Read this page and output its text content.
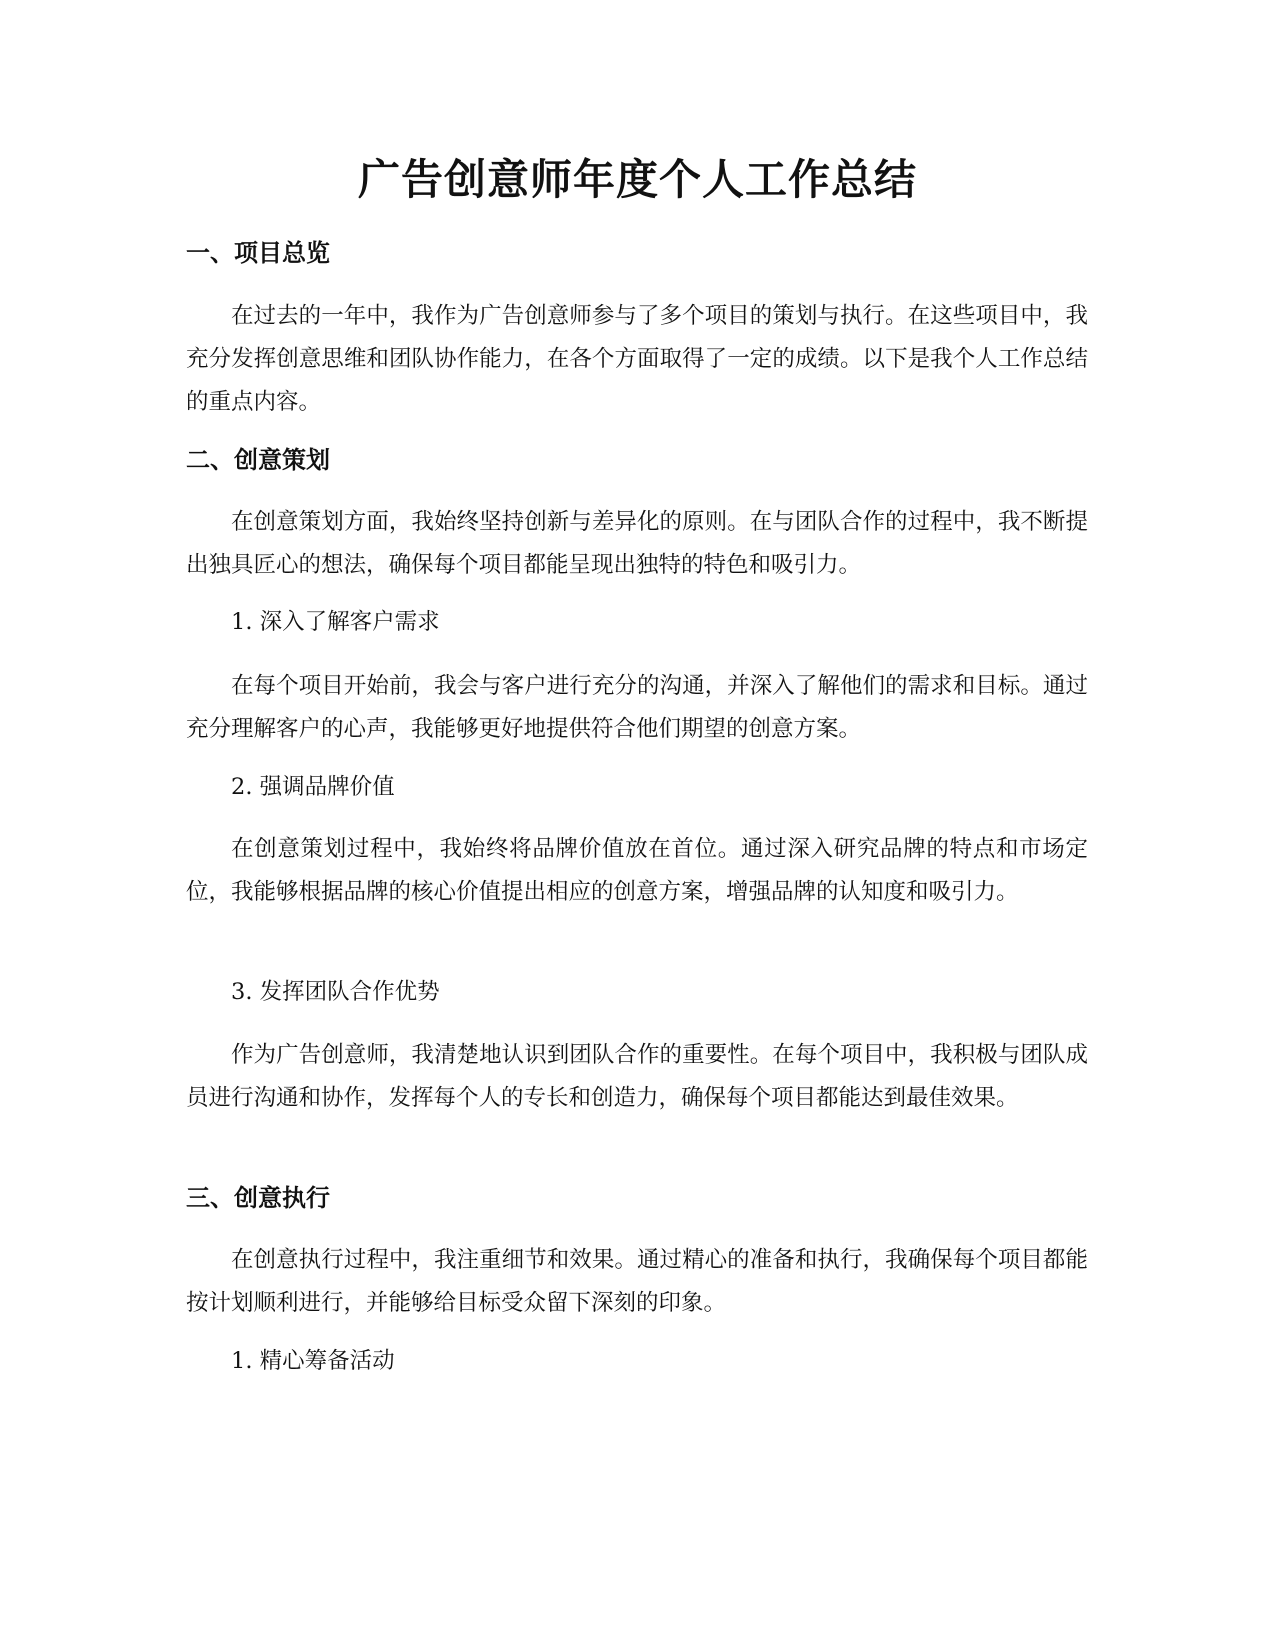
广告创意师年度个人工作总结
一、项目总览

在过去的一年中，我作为广告创意师参与了多个项目的策划与执行。在这些项目中，我充分发挥创意思维和团队协作能力，在各个方面取得了一定的成绩。以下是我个人工作总结的重点内容。

二、创意策划

在创意策划方面，我始终坚持创新与差异化的原则。在与团队合作的过程中，我不断提出独具匠心的想法，确保每个项目都能呈现出独特的特色和吸引力。

1. 深入了解客户需求

在每个项目开始前，我会与客户进行充分的沟通，并深入了解他们的需求和目标。通过充分理解客户的心声，我能够更好地提供符合他们期望的创意方案。

2. 强调品牌价值

在创意策划过程中，我始终将品牌价值放在首位。通过深入研究品牌的特点和市场定位，我能够根据品牌的核心价值提出相应的创意方案，增强品牌的认知度和吸引力。

3. 发挥团队合作优势

作为广告创意师，我清楚地认识到团队合作的重要性。在每个项目中，我积极与团队成员进行沟通和协作，发挥每个人的专长和创造力，确保每个项目都能达到最佳效果。

三、创意执行

在创意执行过程中，我注重细节和效果。通过精心的准备和执行，我确保每个项目都能按计划顺利进行，并能够给目标受众留下深刻的印象。

1. 精心筹备活动
